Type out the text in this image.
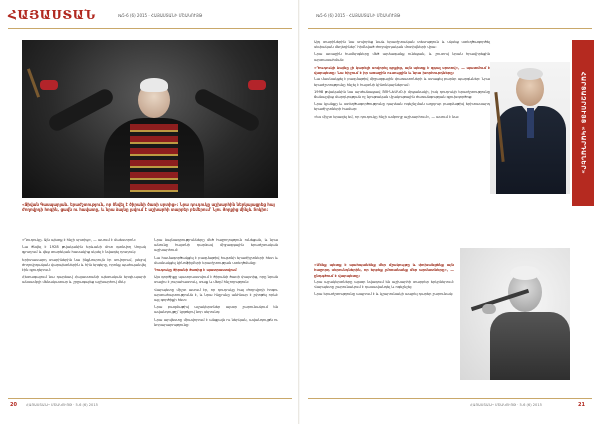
ՀԱՅԱՍՏԱՆ	№5-6 (6) 2015 · ՀԱՅԱՍՏԱՆԻ ՄՇԱԿՈՒՅԹ
«Ջիվան Գասպարյան. երաժշտություն, որ ծնվել է ծիրանի ծառի սրտից»: Նրա դուդուկը աշխարհին ներկայացրեց հայ ժողովրդի հոգին, ցավն ու հավատը, և նրա ձայնը լսվում է աշխարհի տարբեր բեմերում՝ Նյու Յորքից մինչև Տոկիո:

«Դուդուկը. Այն պետք է հնչի սրտից», — ասում է մաեստրոն:

Նա ծնվել է 1928 թվականին Երևանի մոտ գտնվող Սոլակ գյուղում և վեց տարեկան հասակից սկսել է նվագել դուդուկ:

Երիտասարդ տարիներին նա ինքնուրույն էր սովորում, լսելով ժողովրդական վարպետներին և հին երգերը, որոնք պահպանվել էին գյուղերում:

Հետագայում նա դարձավ Հայաստանի պետական երգի-պարի անսամբլի մենակատար և շրջագայեց աշխարհով մեկ:

Նրա ձայնագրությունները մեծ հաջողություն ունեցան, և նրա անունը հայտնի դարձավ միջազգային երաժշտական աշխարհում:

Նա համագործակցել է բազմաթիվ հայտնի երաժիշտների հետ և մասնակցել կինոֆիլմերի երաժշտության ստեղծմանը:

Դուդուկը ծիրանի ծառից է պատրաստվում

Այս գործիքը պատրաստվում է ծիրանի ծառի փայտից, որը նրան տալիս է յուրահատուկ, տաք և մեղմ հնչողություն:

Վարպետը միշտ ասում էր, որ դուդուկը հայ ժողովրդի հոգու արտահայտությունն է, և նրա հնչյունը անհնար է շփոթել որևէ այլ գործիքի հետ:

Նրա բազմաթիվ աշակերտներ այսօր շարունակում են ավանդույթը՝ կրթելով նոր սերունդ:

Նրա արվեստը միավորում է անցյալն ու ներկան, ավանդույթն ու նորարարությունը:

20	ՀԱՅԱՍՏԱՆԻ ՄՇԱԿՈՒՅԹ · 5-6 (6) 2015
№5-6 (6) 2015 · ՀԱՅԱՍՏԱՆԻ ՄՇԱԿՈՒՅԹ

Այդ տարիներին նա սովորեց նաև երաժշտական տեսություն և սկսեց ստեղծագործել սեփական մեղեդիներ՝ հիմնված ժողովրդական մոտիվների վրա:

Նրա առաջին համերգները մեծ արձագանք ունեցան, և շուտով նրան հրավիրեցին արտասահման:

«Դուդուկի ձայնը չի կարելի սովորել գրքից, այն պետք է զգալ սրտով», — պատմում է վարպետը: Նա հիշում է իր առաջին ուսուցչին և նրա խորհուրդները:

Նա մասնակցել է բազմաթիվ միջազգային փառատոների և ստացել բարձր պարգևներ: Նրա երաժշտությունը հնչել է հայտնի կինոնկարներում:

1998 թվականին նա արժանացավ ՅՈՒՆԵՍԿՕ-ի մրցանակի, իսկ դուդուկի երաժշտությունը ճանաչվեց մարդկության ոչ նյութական մշակութային ժառանգության գլուխգործոց:

Նրա կյանքը և ստեղծագործությունը դարձան ոգեշնչման աղբյուր բազմաթիվ երիտասարդ երաժիշտների համար:

«Ես միշտ երազել եմ, որ դուդուկը հնչի ամբողջ աշխարհում», — ասում է նա:

«Մենք պետք է պահպանենք մեր մշակույթը և փոխանցենք այն հաջորդ սերունդներին, որ երբեք չմոռանանք մեր արմատները», — ընդգծում է վարպետը:

Նրա աշակերտները այսօր նվագում են աշխարհի տարբեր երկրներում: Վարպետը շարունակում է դասավանդել և ոգեշնչել:

Նրա երաժշտությունը ապրում է և կշարունակի ապրել դարեր շարունակ:

ՀԱՅԱՍՏԱՆԻ ՄՇԱԿՈՒՅԹ · 5-6 (6) 2015	21
ՀԱՐՑԱԶՐՈՒՅՑ «ԿԱՐԴԱՆԵՐ»
